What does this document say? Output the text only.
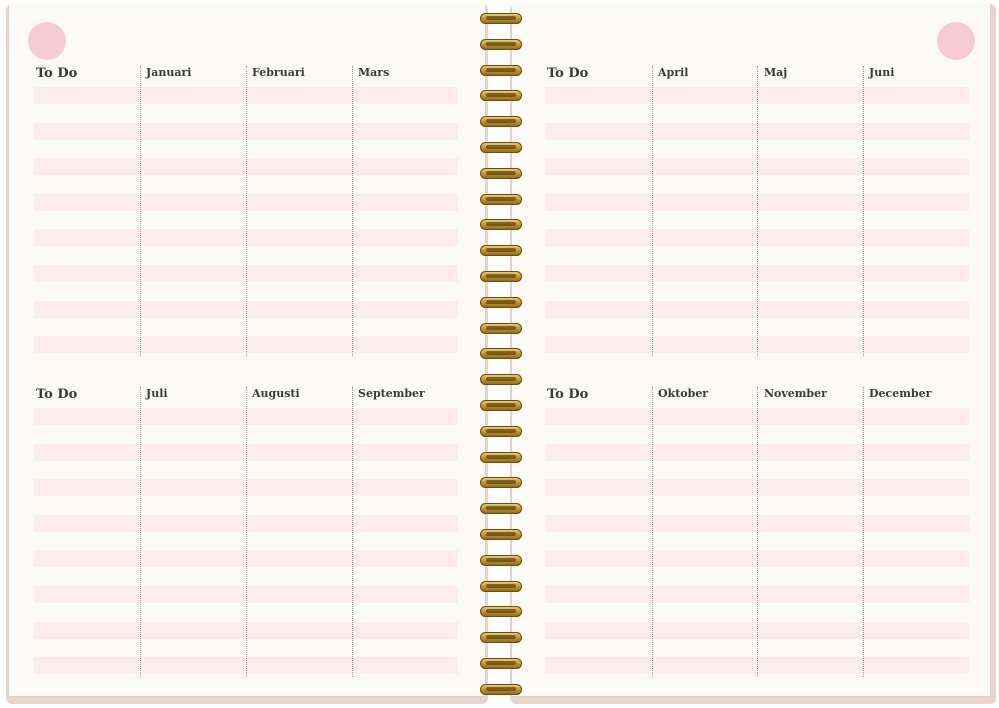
To Do	Januari	Februari	Mars
To Do	Juli	Augusti	September
To Do	April	Maj	Juni
To Do	Oktober	November	December
